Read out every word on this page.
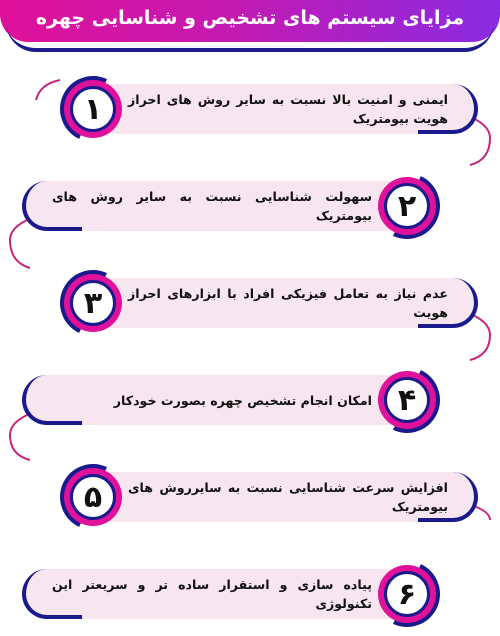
مزایای سیستم های تشخیص و شناسایی چهره
۱	ایمنی و امنیت بالا نسبت به سایر روش های احراز هویت بیومتریک
۲
سهولت شناسایی نسبت به سایر روش های بیومتریک
۳	عدم نیاز به تعامل فیزیکی افراد با ابزارهای احراز هویت
۴
امکان انجام تشخیص چهره بصورت خودکار
۵	افزایش سرعت شناسایی نسبت به سایرروش های بیومتریک
۶
پیاده سازی و استقرار ساده تر و سریعتر این تکنولوژی
